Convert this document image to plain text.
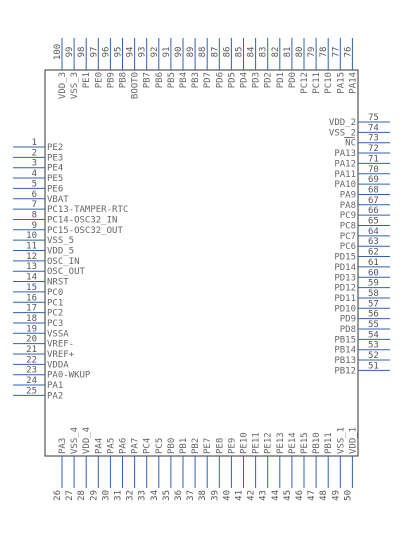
1 PE2
2 PE3
3 PE4
4 PE5
5 PE6
6 VBAT
7 PC13-TAMPER-RTC
8 PC14-OSC32_IN
9 PC15-OSC32_OUT
10 VSS_5
11 VDD_5
12 OSC_IN
13 OSC_OUT
14 NRST
15 PC0
16 PC1
17 PC2
18 PC3
19 VSSA
20 VREF-
21 VREF+
22 VDDA
23 PA0-WKUP
24 PA1
25 PA2
75
VDD_2
74
VSS_2
73
NC
72
PA13
71
PA12
70
PA11
69
PA10
68
PA9
67
PA8
66
PC9
65
PC8
64
PC7
63
PC6
62
PD15
61
PD14
60
PD13
59
PD12
58
PD11
57
PD10
56
PD9
55
PD8
54
PB15
53
PB14
52
PB13
51
PB12
100
VDD_3
99
VSS_3
98
PE1
97
PE0
96
PB9
95
PB8
94
BOOT0
93
PB7
92
PB6
91
PB5
90
PB4
89
PB3
88
PD7
87
PD6
86
PD5
85
PD4
84
PD3
83
PD2
82
PD1
81
PD0
80
PC12
79
PC11
78
PC10
77
PA15
76
PA14
26
PA3
27
VSS_4
28
VDD_4
29
PA4
30
PA5
31
PA6
32
PA7
33
PC4
34
PC5
35
PB0
36
PB1
37
PB2
38
PE7
39
PE8
40
PE9
41
PE10
42
PE11
43
PE12
44
PE13
45
PE14
46
PE15
47
PB10
48
PB11
49
VSS_1
50
VDD_1
